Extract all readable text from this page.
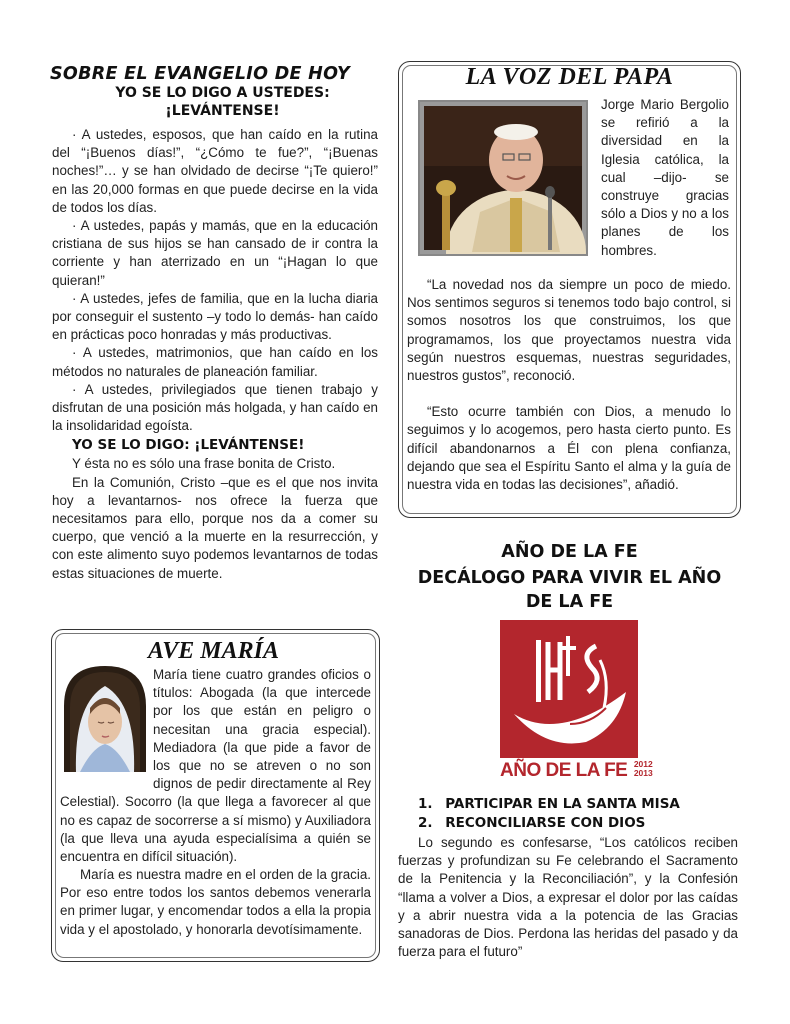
SOBRE EL EVANGELIO DE HOY
YO SE LO DIGO A USTEDES:
¡LEVÁNTENSE!

· A ustedes, esposos, que han caído en la rutina del “¡Buenos días!”, “¿Cómo te fue?”, “¡Buenas noches!”… y se han olvidado de decirse “¡Te quiero!” en las 20,000 formas en que puede decirse en la vida de todos los días.

· A ustedes, papás y mamás, que en la educación cristiana de sus hijos se han cansado de ir contra la corriente y han aterrizado en un “¡Hagan lo que quieran!”

· A ustedes, jefes de familia, que en la lucha diaria por conseguir el sustento –y todo lo demás- han caído en prácticas poco honradas y más productivas.

· A ustedes, matrimonios, que han caído en los métodos no naturales de planeación familiar.

· A ustedes, privilegiados que tienen trabajo y disfrutan de una posición más holgada, y han caído en la insolidaridad egoísta.

YO SE LO DIGO: ¡LEVÁNTENSE!

Y ésta no es sólo una frase bonita de Cristo.

En la Comunión, Cristo –que es el que nos invita hoy a levantarnos- nos ofrece la fuerza que necesitamos para ello, porque nos da a comer su cuerpo, que venció a la muerte en la resurrección, y con este alimento suyo podemos levantarnos de todas estas situaciones de muerte.

LA VOZ DEL PAPA
Jorge Mario Bergolio se refirió a la diversidad en la Iglesia católica, la cual –dijo- se construye gracias sólo a Dios y no a los planes de los hombres.

“La novedad nos da siempre un poco de miedo. Nos sentimos seguros si tenemos todo bajo control, si somos nosotros los que construimos, los que programamos, los que proyectamos nuestra vida según nuestros esquemas, nuestras seguridades, nuestros gustos”, reconoció.

“Esto ocurre también con Dios, a menudo lo seguimos y lo acogemos, pero hasta cierto punto. Es difícil abandonarnos a Él con plena confianza, dejando que sea el Espíritu Santo el alma y la guía de nuestra vida en todas las decisiones”, añadió.

AVE MARÍA
María tiene cuatro grandes oficios o títulos: Abogada (la que intercede por los que están en peligro o necesitan una gracia especial). Mediadora (la que pide a favor de los que no se atreven o no son dignos de pedir directamente al Rey Celestial). Socorro (la que llega a favorecer al que no es capaz de socorrerse a sí mismo) y Auxiliadora (la que lleva una ayuda especialísima a quién se encuentra en difícil situación).

María es nuestra madre en el orden de la gracia. Por eso entre todos los santos debemos venerarla en primer lugar, y encomendar todos a ella la propia vida y el apostolado, y honorarla devotísimamente.

AÑO DE LA FE
DECÁLOGO PARA VIVIR EL AÑO
DE LA FE
AÑO DE LA FE 2012
2013
1. PARTICIPAR EN LA SANTA MISA
2. RECONCILIARSE CON DIOS

Lo segundo es confesarse, “Los católicos reciben fuerzas y profundizan su Fe celebrando el Sacramento de la Penitencia y la Reconciliación”, y la Confesión “llama a volver a Dios, a expresar el dolor por las caídas y a abrir nuestra vida a la potencia de las Gracias sanadoras de Dios. Perdona las heridas del pasado y da fuerza para el futuro”
